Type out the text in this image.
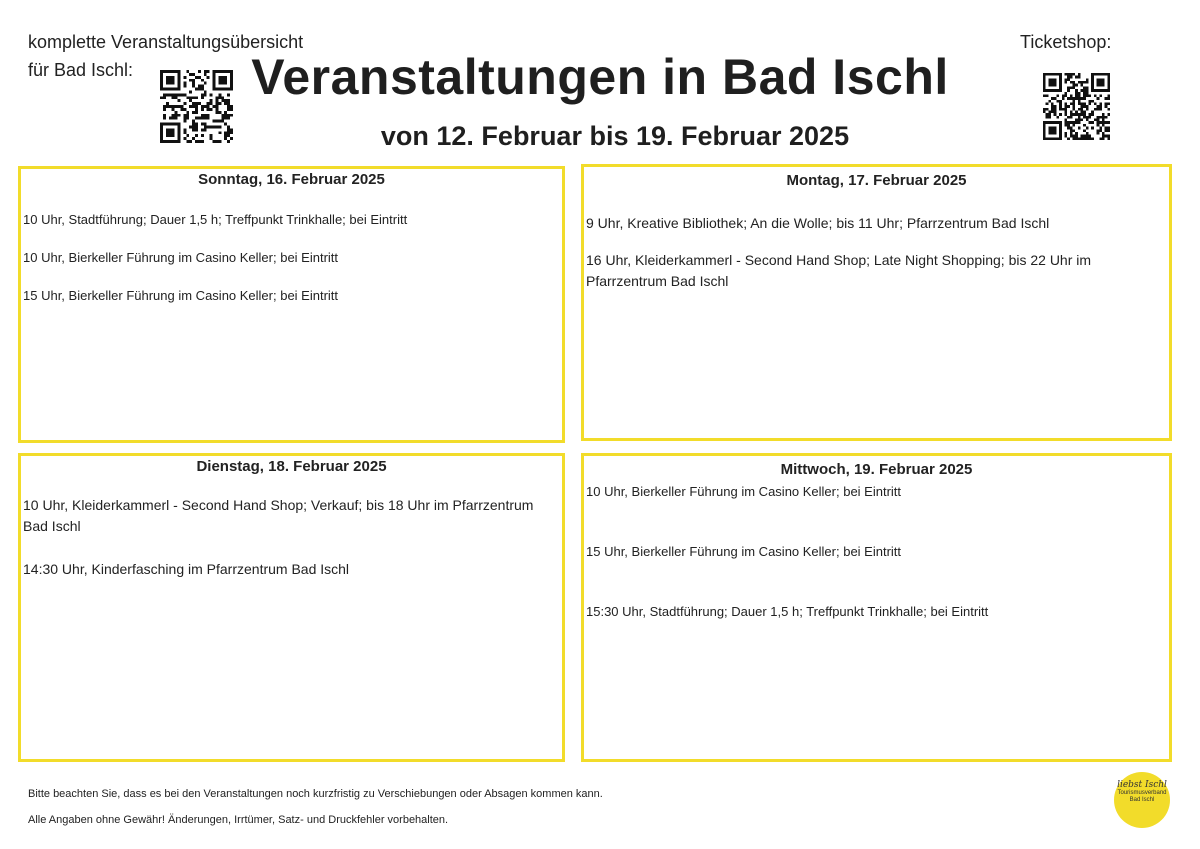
komplette Veranstaltungsübersicht
für Bad Ischl:	Veranstaltungen in Bad Ischl
von 12. Februar bis 19. Februar 2025
Ticketshop:
Sonntag, 16. Februar 2025
10 Uhr, Stadtführung; Dauer 1,5 h; Treffpunkt Trinkhalle; bei Eintritt
10 Uhr, Bierkeller Führung im Casino Keller; bei Eintritt
15 Uhr, Bierkeller Führung im Casino Keller; bei Eintritt
Montag, 17. Februar 2025
9 Uhr, Kreative Bibliothek; An die Wolle; bis 11 Uhr; Pfarrzentrum Bad Ischl
16 Uhr, Kleiderkammerl - Second Hand Shop; Late Night Shopping; bis 22 Uhr im Pfarrzentrum Bad Ischl
Dienstag, 18. Februar 2025
10 Uhr, Kleiderkammerl - Second Hand Shop; Verkauf; bis 18 Uhr im Pfarrzentrum Bad Ischl
14:30 Uhr, Kinderfasching im Pfarrzentrum Bad Ischl
Mittwoch, 19. Februar 2025
10 Uhr, Bierkeller Führung im Casino Keller; bei Eintritt
15 Uhr, Bierkeller Führung im Casino Keller; bei Eintritt
15:30 Uhr, Stadtführung; Dauer 1,5 h; Treffpunkt Trinkhalle; bei Eintritt
Bitte beachten Sie, dass es bei den Veranstaltungen noch kurzfristig zu Verschiebungen oder Absagen kommen kann.
Alle Angaben ohne Gewähr! Änderungen, Irrtümer, Satz- und Druckfehler vorbehalten.
liebst Ischl
Tourismusverband
Bad Ischl
